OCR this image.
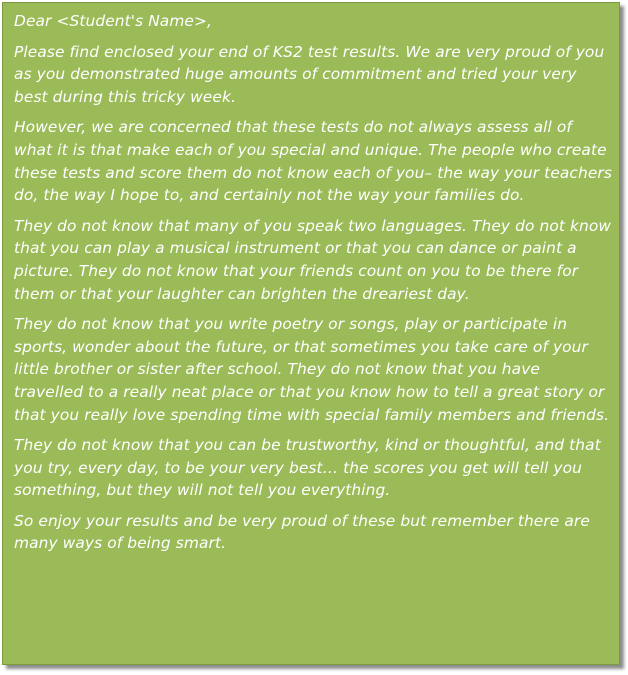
Dear <Student's Name>,

Please find enclosed your end of KS2 test results. We are very proud of you as you demonstrated huge amounts of commitment and tried your very best during this tricky week.

However, we are concerned that these tests do not always assess all of what it is that make each of you special and unique. The people who create these tests and score them do not know each of you– the way your teachers do, the way I hope to, and certainly not the way your families do.

They do not know that many of you speak two languages. They do not know that you can play a musical instrument or that you can dance or paint a picture. They do not know that your friends count on you to be there for them or that your laughter can brighten the dreariest day.

They do not know that you write poetry or songs, play or participate in sports, wonder about the future, or that sometimes you take care of your little brother or sister after school. They do not know that you have travelled to a really neat place or that you know how to tell a great story or that you really love spending time with special family members and friends.

They do not know that you can be trustworthy, kind or thoughtful, and that you try, every day, to be your very best… the scores you get will tell you something, but they will not tell you everything.

So enjoy your results and be very proud of these but remember there are many ways of being smart.
